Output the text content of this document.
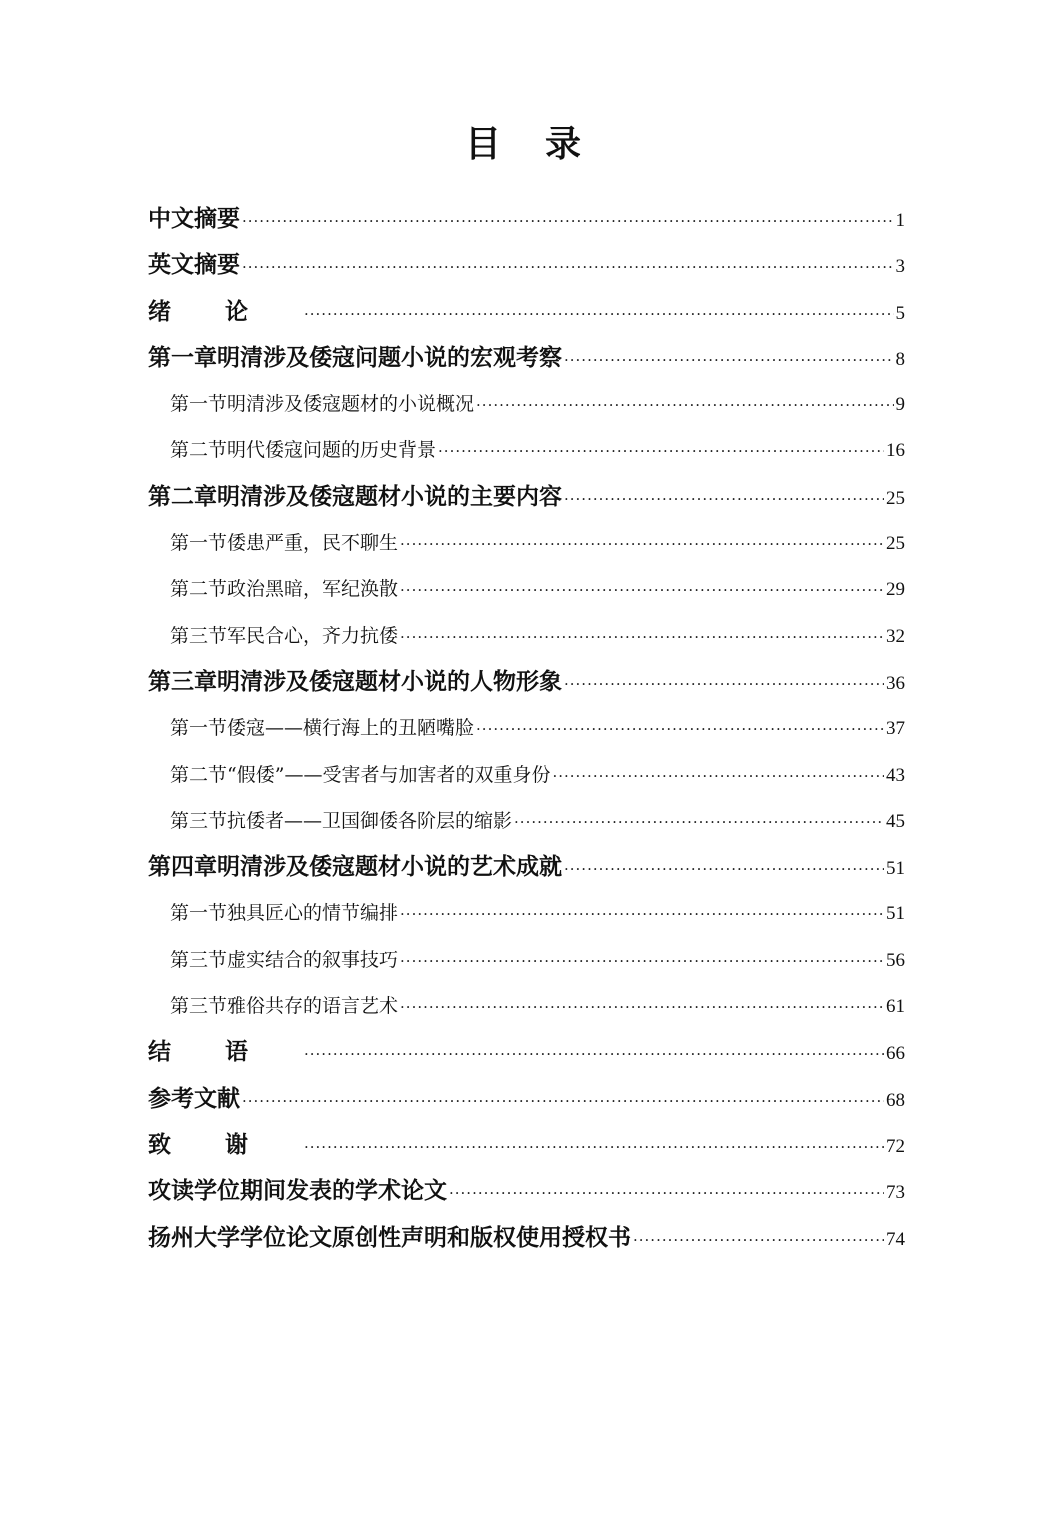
目录
中文摘要 ·····	1
英文摘要 ·····	3
绪论 ·····	5
第一章 明清涉及倭寇问题小说的宏观考察 ·····	8
第一节 明清涉及倭寇题材的小说概况 ·····	9
第二节 明代倭寇问题的历史背景 ·····	16
第二章 明清涉及倭寇题材小说的主要内容 ·····	25
第一节 倭患严重，民不聊生 ·····	25
第二节 政治黑暗，军纪涣散 ·····	29
第三节 军民合心，齐力抗倭 ·····	32
第三章 明清涉及倭寇题材小说的人物形象 ·····	36
第一节 倭寇——横行海上的丑陋嘴脸 ·····	37
第二节 “假倭”——受害者与加害者的双重身份 ·····	43
第三节 抗倭者——卫国御倭各阶层的缩影 ·····	45
第四章 明清涉及倭寇题材小说的艺术成就 ·····	51
第一节 独具匠心的情节编排 ·····	51
第三节 虚实结合的叙事技巧 ·····	56
第三节 雅俗共存的语言艺术 ·····	61
结语 ·····	66
参考文献 ·····	68
致谢 ·····	72
攻读学位期间发表的学术论文 ·····	73
扬州大学学位论文原创性声明和版权使用授权书 ·····	74
